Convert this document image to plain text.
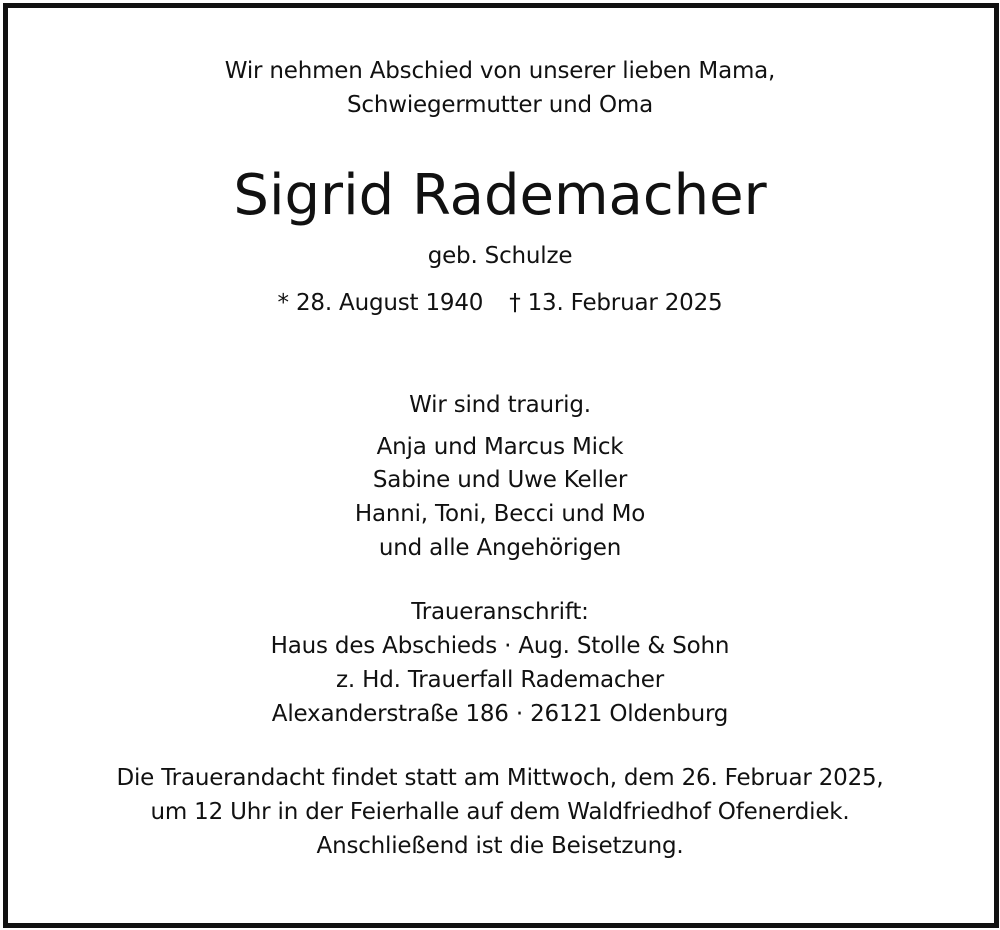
Wir nehmen Abschied von unserer lieben Mama,
Schwiegermutter und Oma
Sigrid Rademacher
geb. Schulze
* 28. August 1940 † 13. Februar 2025
Wir sind traurig.
Anja und Marcus Mick
Sabine und Uwe Keller
Hanni, Toni, Becci und Mo
und alle Angehörigen
Traueranschrift:
Haus des Abschieds · Aug. Stolle & Sohn
z. Hd. Trauerfall Rademacher
Alexanderstraße 186 · 26121 Oldenburg
Die Trauerandacht findet statt am Mittwoch, dem 26. Februar 2025,
um 12 Uhr in der Feierhalle auf dem Waldfriedhof Ofenerdiek.
Anschließend ist die Beisetzung.
